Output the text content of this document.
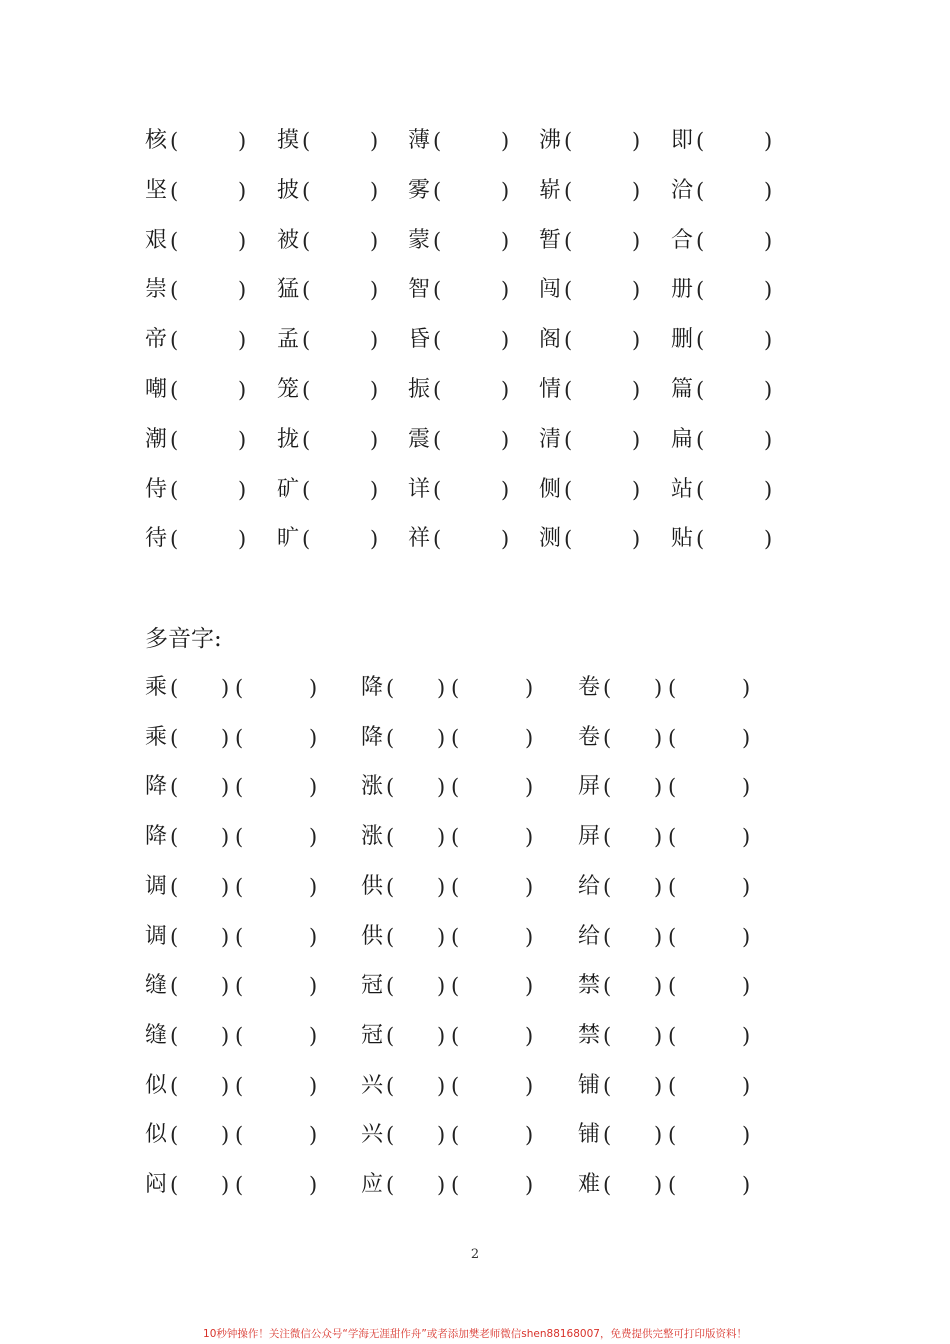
核 (	) 摸 (	) 薄 (	) 沸 (	) 即 (	)
坚 (	) 披 (	) 雾 (	) 崭 (	) 洽 (	)
艰 (	) 被 (	) 蒙 (	) 暂 (	) 合 (	)
崇 (	) 猛 (	) 智 (	) 闯 (	) 册 (	)
帝 (	) 孟 (	) 昏 (	) 阁 (	) 删 (	)
嘲 (	) 笼 (	) 振 (	) 情 (	) 篇 (	)
潮 (	) 拢 (	) 震 (	) 清 (	) 扁 (	)
侍 (	) 矿 (	) 详 (	) 侧 (	) 站 (	)
待 (	) 旷 (	) 祥 (	) 测 (	) 贴 (	)
多音字:
乘 ( ) (	) 降 ( ) (	) 卷 ( ) (	)
乘 ( ) (	) 降 ( ) (	) 卷 ( ) (	)
降 ( ) (	) 涨 ( ) (	) 屏 ( ) (	)
降 ( ) (	) 涨 ( ) (	) 屏 ( ) (	)
调 ( ) (	) 供 ( ) (	) 给 ( ) (	)
调 ( ) (	) 供 ( ) (	) 给 ( ) (	)
缝 ( ) (	) 冠 ( ) (	) 禁 ( ) (	)
缝 ( ) (	) 冠 ( ) (	) 禁 ( ) (	)
似 ( ) (	) 兴 ( ) (	) 铺 ( ) (	)
似 ( ) (	) 兴 ( ) (	) 铺 ( ) (	)
闷 ( ) (	) 应 ( ) (	) 难 ( ) (	)
2
10秒钟操作！关注微信公众号“学海无涯甜作舟”或者添加樊老师微信shen88168007，免费提供完整可打印版资料！
